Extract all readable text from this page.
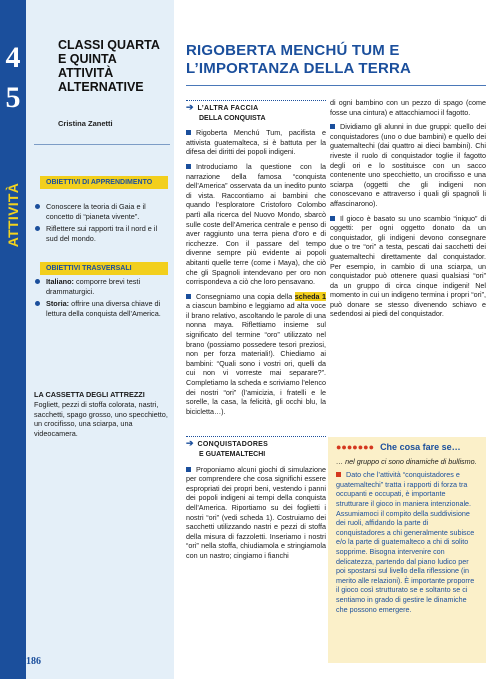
4
5
ATTIVITÀ
CLASSI QUARTA E QUINTA ATTIVITÀ ALTERNATIVE
Cristina Zanetti
OBIETTIVI DI APPRENDIMENTO
Conoscere la teoria di Gaia e il concetto di “pianeta vivente”.
Riflettere sui rapporti tra il nord e il sud del mondo.
OBIETTIVI TRASVERSALI
Italiano: comporre brevi testi drammaturgici.
Storia: offrire una diversa chiave di lettura della conquista dell’America.
LA CASSETTA DEGLI ATTREZZI
Fogliett, pezzi di stoffa colorata, nastri, sacchetti, spago grosso, uno specchietto, un crocifisso, una sciarpa, una videocamera.
186
RIGOBERTA MENCHÚ TUM E L’IMPORTANZA DELLA TERRA
➔ L’ALTRA FACCIA
DELLA CONQUISTA

Rigoberta Menchú Tum, pacifista e attivista guatemalteca, si è battuta per la difesa dei diritti dei popoli indigeni.

Introduciamo la questione con la narrazione della famosa “conquista dell’America” osservata da un inedito punto di vista. Raccontiamo ai bambini che quando l’esploratore Cristoforo Colombo partì alla ricerca del Nuovo Mondo, sbarcò sulle coste dell’America centrale e penso di aver raggiunto una terra piena d’oro e di ricchezze. Con il passare del tempo divenne sempre più evidente ai popoli abitanti quelle terre (come i Maya), che ciò che gli Spagnoli intendevano per oro non corrispondeva a ciò che loro pensavano.

Consegniamo una copia della scheda 1 a ciascun bambino e leggiamo ad alta voce il brano relativo, ascoltando le parole di una nonna maya. Riflettiamo insieme sul significato del termine “oro” utilizzato nel brano (possiamo possedere tesori preziosi, non per forza materiali!). Chiediamo ai bambini: “Quali sono i vostri ori, quelli da cui non vi vorreste mai separare?”. Completiamo la scheda e scriviamo l’elenco dei nostri “ori” (l’amicizia, i fratelli e le sorelle, la casa, la felicità, gli occhi blu, la bicicletta…).

➔ CONQUISTADORES
E GUATEMALTECHI

Proponiamo alcuni giochi di simulazione per comprendere che cosa significhi essere espropriati dei propri beni, vestendo i panni dei popoli indigeni ai tempi della conquista dell’America. Riportiamo su dei foglietti i nostri “ori” (vedi scheda 1). Costruiamo dei sacchetti utilizzando nastri e pezzi di stoffa della misura di fazzoletti. Inseriamo i nostri “ori” nella stoffa, chiudiamola e stringiamola con un nastro; cingiamo i fianchi

di ogni bambino con un pezzo di spago (come fosse una cintura) e attacchiamoci il fagotto.

Dividiamo gli alunni in due gruppi: quello dei conquistadores (uno o due bambini) e quello dei guatemaltechi (dai quattro ai dieci bambini). Chi riveste il ruolo di conquistador toglie il fagotto degli ori e lo sostituisce con un sacco contenente uno specchietto, un crocifisso e una sciarpa (oggetti che gli indigeni non conoscevano e attraverso i quali gli spagnoli li affascinarono).

Il gioco è basato su uno scambio “iniquo” di oggetti: per ogni oggetto donato da un conquistador, gli indigeni devono consegnare due o tre “ori” a testa, pescati dai sacchetti dei guatemaltechi direttamente dal conquistador. Per esempio, in cambio di una sciarpa, un conquistador può ottenere quasi qualsiasi “ori” da un gruppo di circa cinque indigeni! Nel momento in cui un indigeno termina i propri “ori”, può donare se stesso divenendo schiavo e sedendosi ai piedi del conquistador.

●●●●●●● Che cosa fare se…

… nel gruppo ci sono dinamiche di bullismo.

Dato che l’attività “conquistadores e guatemaltechi” tratta i rapporti di forza tra occupanti e occupati, è importante strutturare il gioco in maniera intenzionale. Assumiamoci il compito della suddivisione dei ruoli, affidando la parte di conquistadores a chi generalmente subisce e/o la parte di guatemalteco a chi di solito sopprime. Bisogna intervenire con delicatezza, partendo dal piano ludico per poi spostarsi sul livello della riflessione (in merito alle relazioni). È importante proporre il gioco così strutturato se e soltanto se ci sentiamo in grado di gestire le dinamiche che possono emergere.
